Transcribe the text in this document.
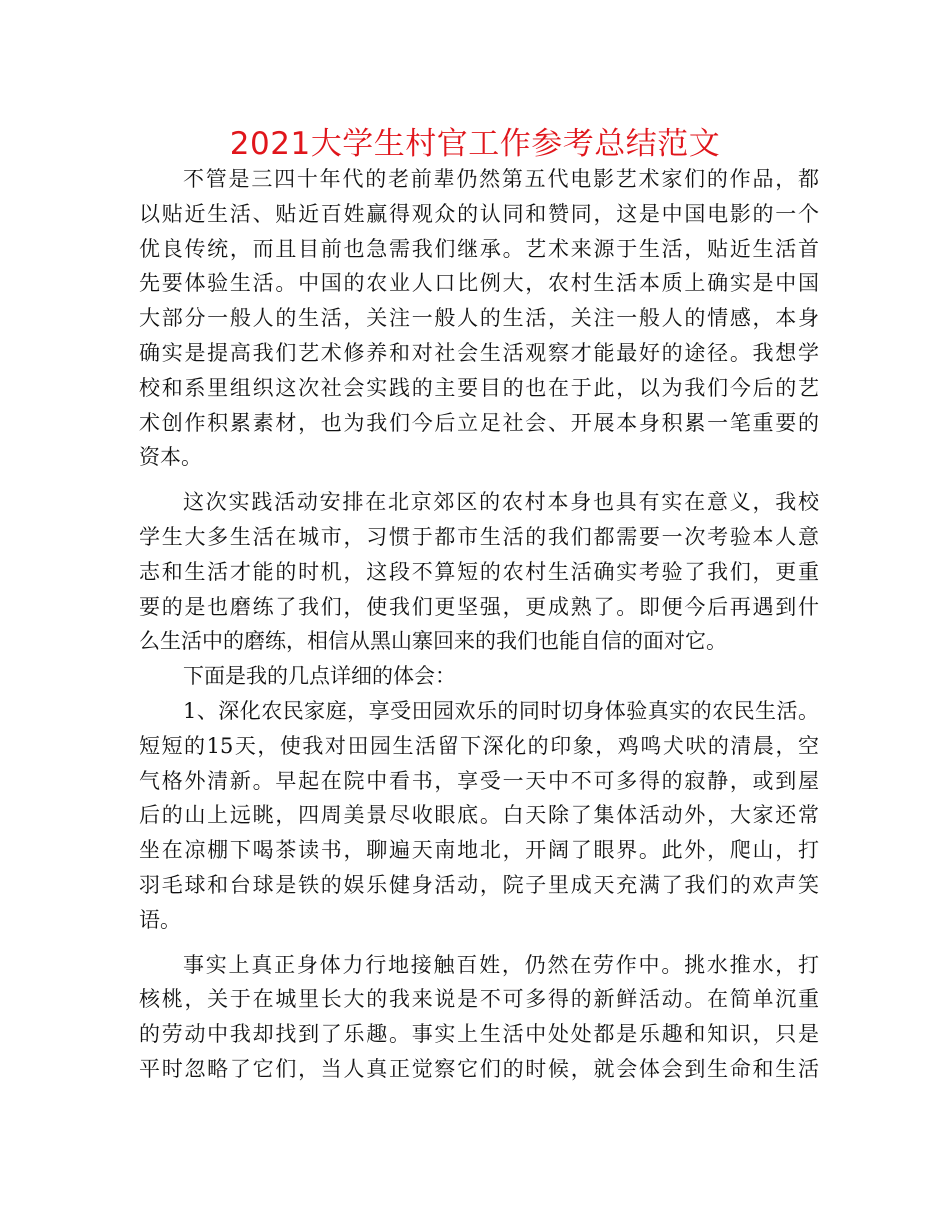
2021大学生村官工作参考总结范文
不管是三四十年代的老前辈仍然第五代电影艺术家们的作品，都
以贴近生活、贴近百姓赢得观众的认同和赞同，这是中国电影的一个
优良传统，而且目前也急需我们继承。艺术来源于生活，贴近生活首
先要体验生活。中国的农业人口比例大，农村生活本质上确实是中国
大部分一般人的生活，关注一般人的生活，关注一般人的情感，本身
确实是提高我们艺术修养和对社会生活观察才能最好的途径。我想学
校和系里组织这次社会实践的主要目的也在于此，以为我们今后的艺
术创作积累素材，也为我们今后立足社会、开展本身积累一笔重要的
资本。
这次实践活动安排在北京郊区的农村本身也具有实在意义，我校
学生大多生活在城市，习惯于都市生活的我们都需要一次考验本人意
志和生活才能的时机，这段不算短的农村生活确实考验了我们，更重
要的是也磨练了我们，使我们更坚强，更成熟了。即便今后再遇到什
么生活中的磨练，相信从黑山寨回来的我们也能自信的面对它。
下面是我的几点详细的体会：
1、深化农民家庭，享受田园欢乐的同时切身体验真实的农民生活。
短短的15天，使我对田园生活留下深化的印象，鸡鸣犬吠的清晨，空
气格外清新。早起在院中看书，享受一天中不可多得的寂静，或到屋
后的山上远眺，四周美景尽收眼底。白天除了集体活动外，大家还常
坐在凉棚下喝茶读书，聊遍天南地北，开阔了眼界。此外，爬山，打
羽毛球和台球是铁的娱乐健身活动，院子里成天充满了我们的欢声笑
语。
事实上真正身体力行地接触百姓，仍然在劳作中。挑水推水，打
核桃，关于在城里长大的我来说是不可多得的新鲜活动。在简单沉重
的劳动中我却找到了乐趣。事实上生活中处处都是乐趣和知识，只是
平时忽略了它们，当人真正觉察它们的时候，就会体会到生命和生活
